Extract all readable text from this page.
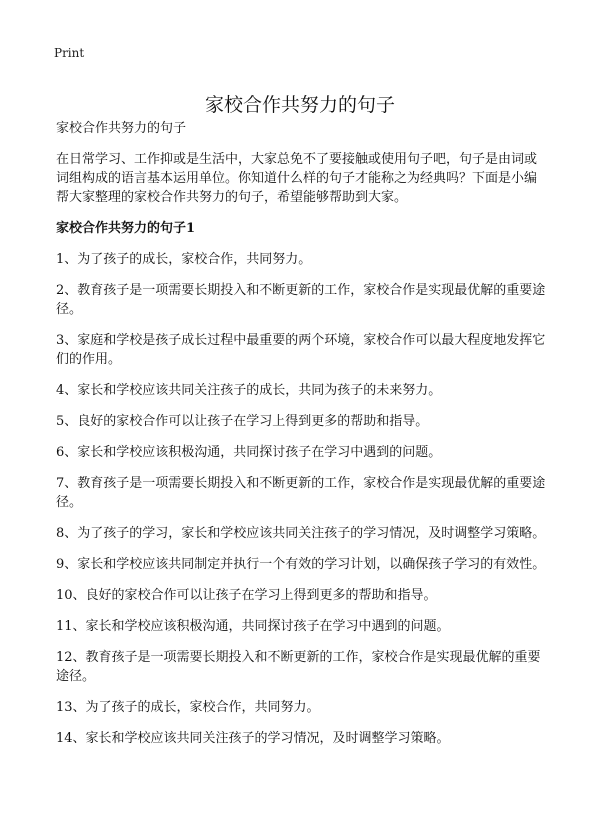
Print
家校合作共努力的句子

家校合作共努力的句子

在日常学习、工作抑或是生活中，大家总免不了要接触或使用句子吧，句子是由词或词组构成的语言基本运用单位。你知道什么样的句子才能称之为经典吗？下面是小编帮大家整理的家校合作共努力的句子，希望能够帮助到大家。

家校合作共努力的句子1

1、为了孩子的成长，家校合作，共同努力。
2、教育孩子是一项需要长期投入和不断更新的工作，家校合作是实现最优解的重要途径。
3、家庭和学校是孩子成长过程中最重要的两个环境，家校合作可以最大程度地发挥它们的作用。
4、家长和学校应该共同关注孩子的成长，共同为孩子的未来努力。
5、良好的家校合作可以让孩子在学习上得到更多的帮助和指导。
6、家长和学校应该积极沟通，共同探讨孩子在学习中遇到的问题。
7、教育孩子是一项需要长期投入和不断更新的工作，家校合作是实现最优解的重要途径。
8、为了孩子的学习，家长和学校应该共同关注孩子的学习情况，及时调整学习策略。
9、家长和学校应该共同制定并执行一个有效的学习计划，以确保孩子学习的有效性。
10、良好的家校合作可以让孩子在学习上得到更多的帮助和指导。
11、家长和学校应该积极沟通，共同探讨孩子在学习中遇到的问题。
12、教育孩子是一项需要长期投入和不断更新的工作，家校合作是实现最优解的重要途径。
13、为了孩子的成长，家校合作，共同努力。
14、家长和学校应该共同关注孩子的学习情况，及时调整学习策略。
